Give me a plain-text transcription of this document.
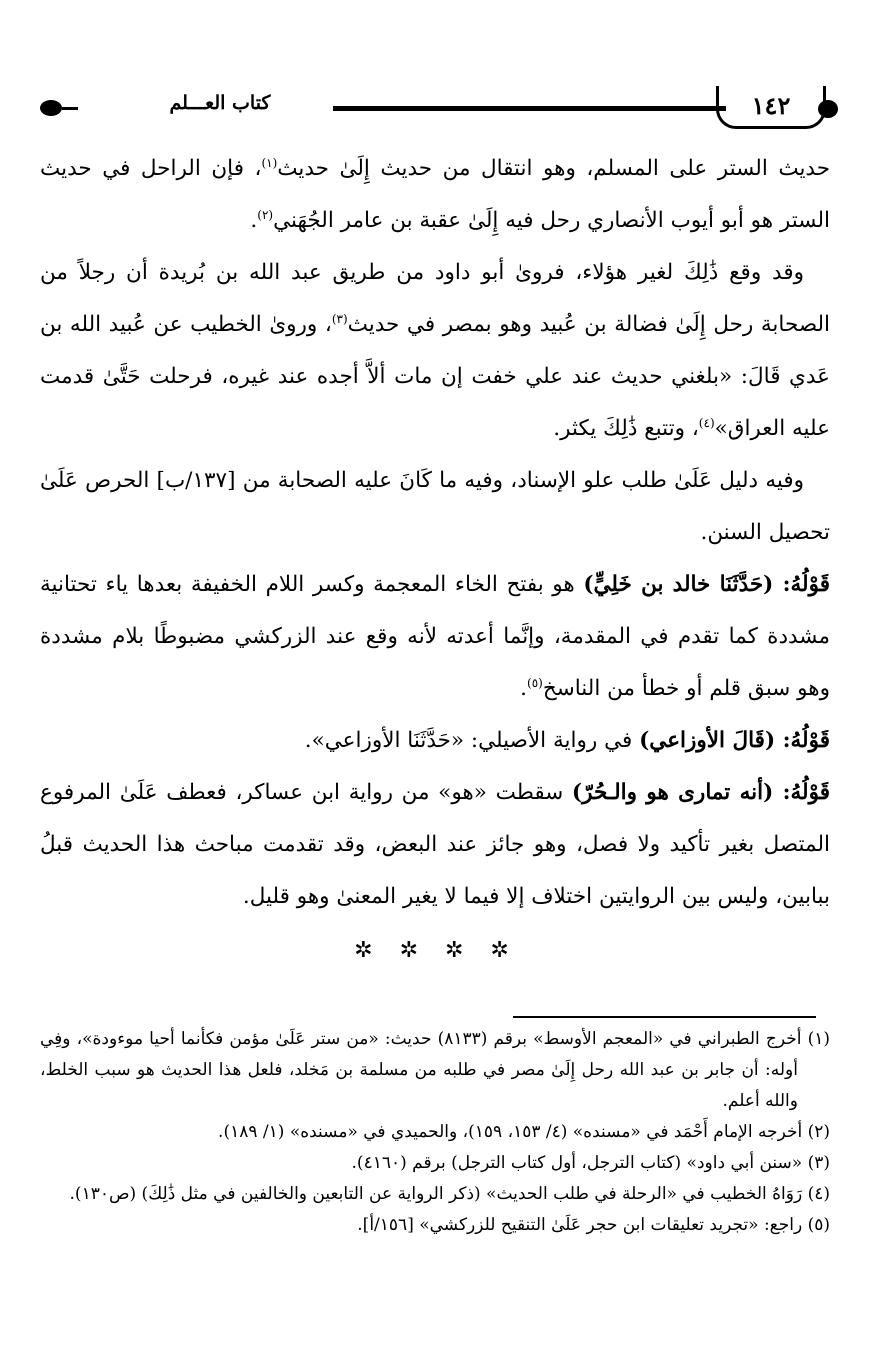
كتاب العـــلم	١٤٢

حديث الستر على المسلم، وهو انتقال من حديث إِلَىٰ حديث$^{(١)}$، فإن الراحل في حديث الستر هو أبو أيوب الأنصاري رحل فيه إِلَىٰ عقبة بن عامر الجُهَني$^{(٢)}$.

وقد وقع ذَٰلِكَ لغير هؤلاء، فروىٰ أبو داود من طريق عبد الله بن بُريدة أن رجلاً من الصحابة رحل إِلَىٰ فضالة بن عُبيد وهو بمصر في حديث$^{(٣)}$، وروىٰ الخطيب عن عُبيد الله بن عَدي قَالَ: «بلغني حديث عند علي خفت إن مات ألاَّ أجده عند غيره، فرحلت حَتَّىٰ قدمت عليه العراق»$^{(٤)}$، وتتبع ذَٰلِكَ يكثر.

وفيه دليل عَلَىٰ طلب علو الإسناد، وفيه ما كَانَ عليه الصحابة من [١٣٧/ب] الحرص عَلَىٰ تحصيل السنن.

قَوْلُهُ: (حَدَّثَنَا خالد بن خَلِيٍّ) هو بفتح الخاء المعجمة وكسر اللام الخفيفة بعدها ياء تحتانية مشددة كما تقدم في المقدمة، وإنَّما أعدته لأنه وقع عند الزركشي مضبوطًا بلام مشددة وهو سبق قلم أو خطأ من الناسخ$^{(٥)}$.

قَوْلُهُ: (قَالَ الأوزاعي) في رواية الأصيلي: «حَدَّثَنَا الأوزاعي».

قَوْلُهُ: (أنه تمارى هو والـحُرّ) سقطت «هو» من رواية ابن عساكر، فعطف عَلَىٰ المرفوع المتصل بغير تأكيد ولا فصل، وهو جائز عند البعض، وقد تقدمت مباحث هذا الحديث قبلُ ببابين، وليس بين الروايتين اختلاف إلا فيما لا يغير المعنىٰ وهو قليل.

✲ ✲ ✲ ✲

(١) أخرج الطبراني في «المعجم الأوسط» برقم (٨١٣٣) حديث: «من ستر عَلَىٰ مؤمن فكأنما أحيا موءودة»، وفِي أوله: أن جابر بن عبد الله رحل إِلَىٰ مصر في طلبه من مسلمة بن مَخلد، فلعل هذا الحديث هو سبب الخلط، والله أعلم.

(٢) أخرجه الإمام أَحْمَد في «مسنده» (٤/ ١٥٣، ١٥٩)، والحميدي في «مسنده» (١/ ١٨٩).

(٣) «سنن أبي داود» (كتاب الترجل، أول كتاب الترجل) برقم (٤١٦٠).

(٤) رَوَاهُ الخطيب في «الرحلة في طلب الحديث» (ذكر الرواية عن التابعين والخالفين في مثل ذَٰلِكَ) (ص١٣٠).

(٥) راجع: «تجريد تعليقات ابن حجر عَلَىٰ التنقيح للزركشي» [١٥٦/أ].
